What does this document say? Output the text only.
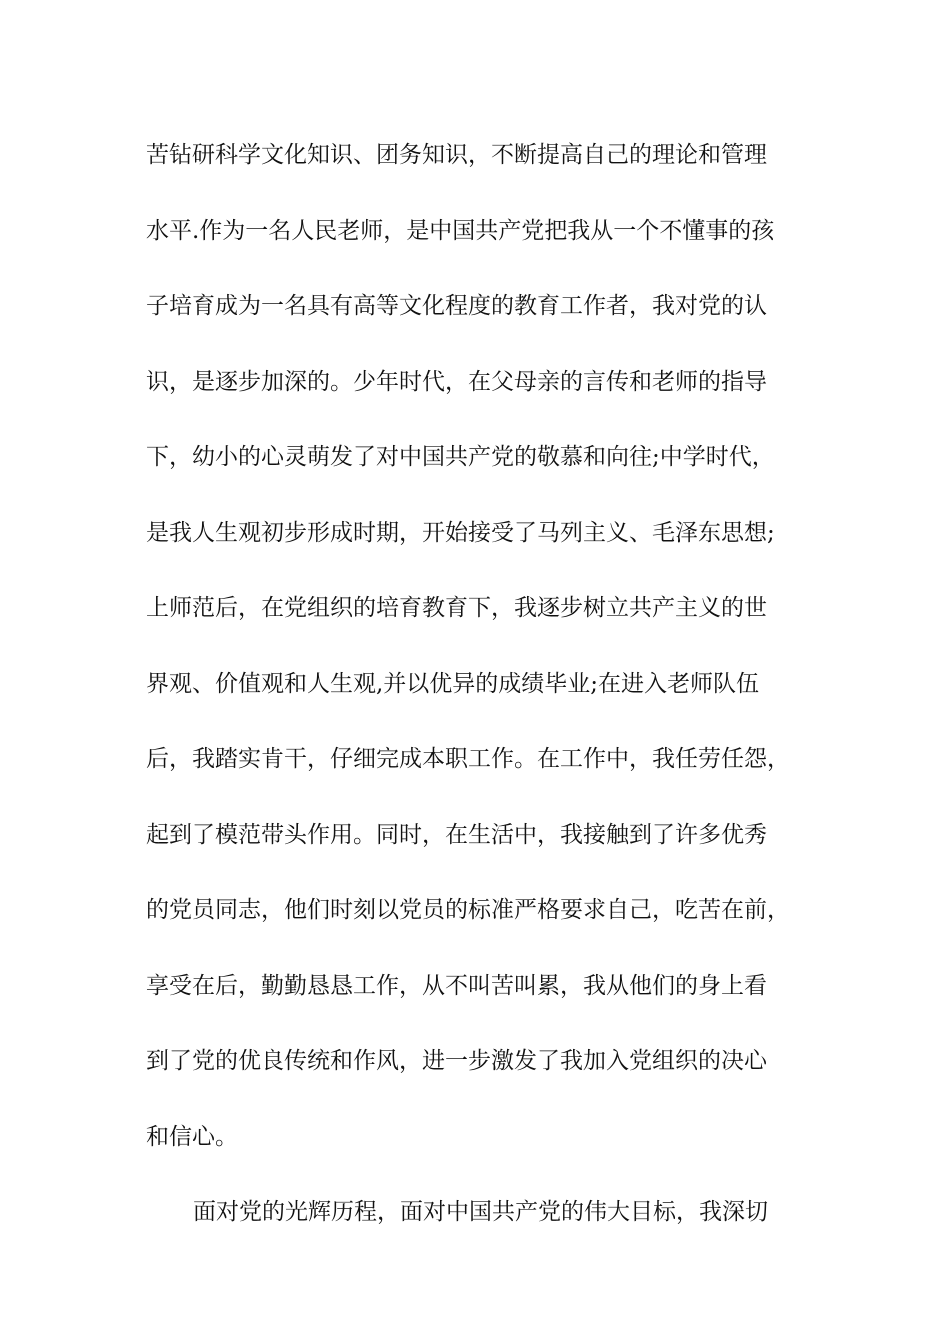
苦钻研科学文化知识、团务知识，不断提高自己的理论和管理
水平.作为一名人民老师，是中国共产党把我从一个不懂事的孩
子培育成为一名具有高等文化程度的教育工作者，我对党的认
识，是逐步加深的。少年时代，在父母亲的言传和老师的指导
下，幼小的心灵萌发了对中国共产党的敬慕和向往;中学时代，
是我人生观初步形成时期，开始接受了马列主义、毛泽东思想;
上师范后，在党组织的培育教育下，我逐步树立共产主义的世
界观、价值观和人生观,并以优异的成绩毕业;在进入老师队伍
后，我踏实肯干，仔细完成本职工作。在工作中，我任劳任怨，
起到了模范带头作用。同时，在生活中，我接触到了许多优秀
的党员同志，他们时刻以党员的标准严格要求自己，吃苦在前，
享受在后，勤勤恳恳工作，从不叫苦叫累，我从他们的身上看
到了党的优良传统和作风，进一步激发了我加入党组织的决心
和信心。
面对党的光辉历程，面对中国共产党的伟大目标，我深切
